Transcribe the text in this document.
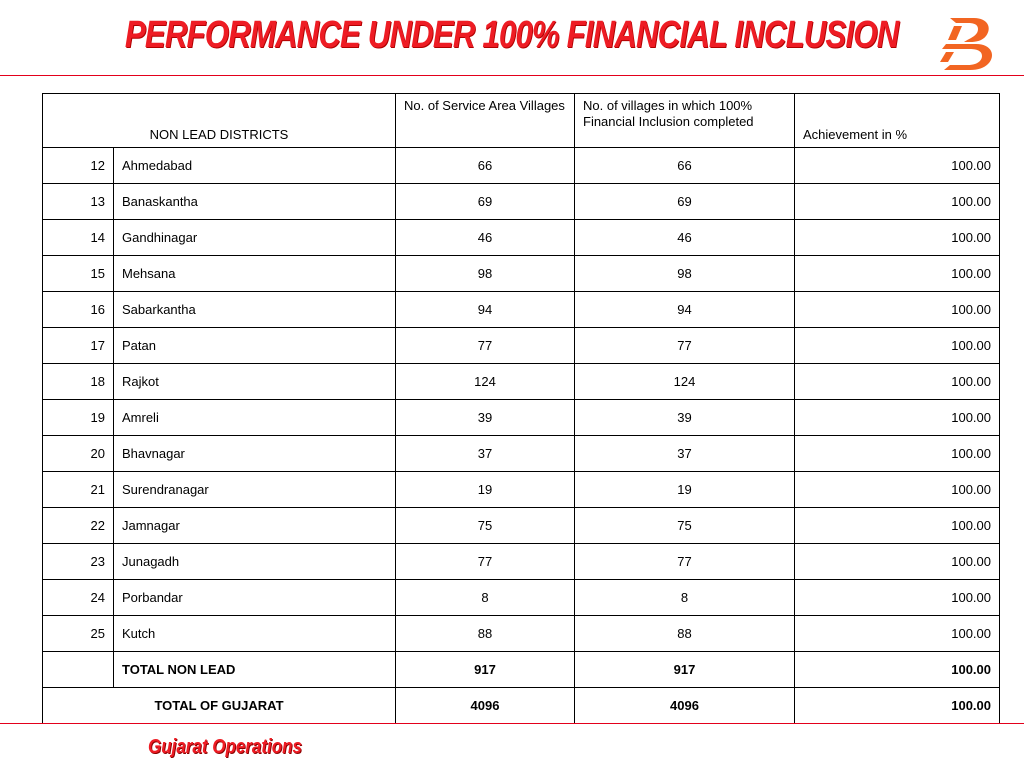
PERFORMANCE UNDER 100% FINANCIAL INCLUSION
NON LEAD DISTRICTS		No. of Service Area Villages	No. of villages in which 100% Financial Inclusion completed	Achievement in %
12	Ahmedabad	66	66	100.00
13	Banaskantha	69	69	100.00
14	Gandhinagar	46	46	100.00
15	Mehsana	98	98	100.00
16	Sabarkantha	94	94	100.00
17	Patan	77	77	100.00
18	Rajkot	124	124	100.00
19	Amreli	39	39	100.00
20	Bhavnagar	37	37	100.00
21	Surendranagar	19	19	100.00
22	Jamnagar	75	75	100.00
23	Junagadh	77	77	100.00
24	Porbandar	8	8	100.00
25	Kutch	88	88	100.00
	TOTAL NON LEAD	917	917	100.00
TOTAL OF GUJARAT		4096	4096	100.00
Gujarat Operations
